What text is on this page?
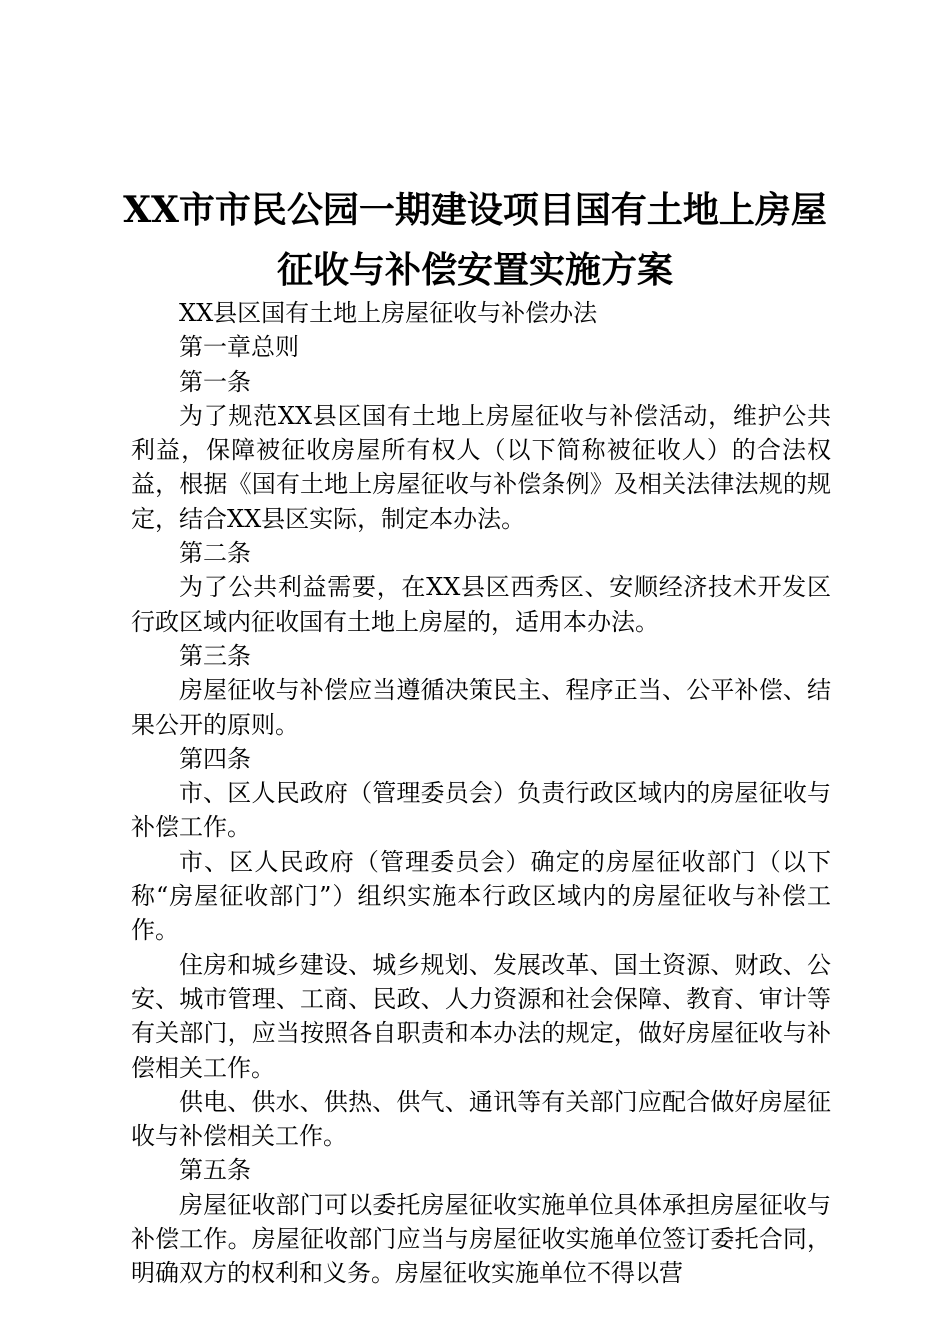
XX市市民公园一期建设项目国有土地上房屋
征收与补偿安置实施方案
XX县区国有土地上房屋征收与补偿办法
第一章总则
第一条
为了规范XX县区国有土地上房屋征收与补偿活动，维护公共利益，保障被征收房屋所有权人（以下简称被征收人）的合法权益，根据《国有土地上房屋征收与补偿条例》及相关法律法规的规定，结合XX县区实际，制定本办法。
第二条
为了公共利益需要，在XX县区西秀区、安顺经济技术开发区行政区域内征收国有土地上房屋的，适用本办法。
第三条
房屋征收与补偿应当遵循决策民主、程序正当、公平补偿、结果公开的原则。
第四条
市、区人民政府（管理委员会）负责行政区域内的房屋征收与补偿工作。
市、区人民政府（管理委员会）确定的房屋征收部门（以下称“房屋征收部门”）组织实施本行政区域内的房屋征收与补偿工作。
住房和城乡建设、城乡规划、发展改革、国土资源、财政、公安、城市管理、工商、民政、人力资源和社会保障、教育、审计等有关部门，应当按照各自职责和本办法的规定，做好房屋征收与补偿相关工作。
供电、供水、供热、供气、通讯等有关部门应配合做好房屋征收与补偿相关工作。
第五条
房屋征收部门可以委托房屋征收实施单位具体承担房屋征收与补偿工作。房屋征收部门应当与房屋征收实施单位签订委托合同，明确双方的权利和义务。房屋征收实施单位不得以营
